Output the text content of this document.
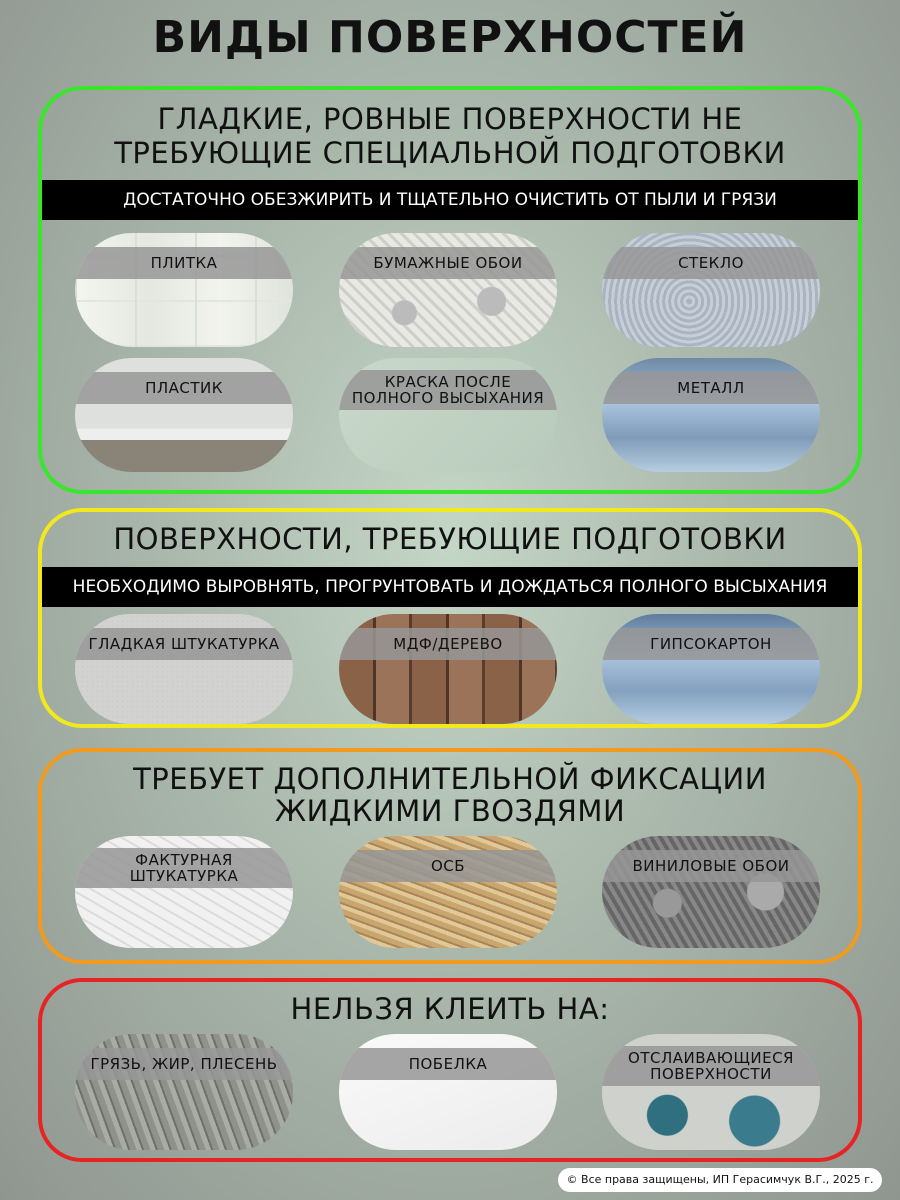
ВИДЫ ПОВЕРХНОСТЕЙ
ГЛАДКИЕ, РОВНЫЕ ПОВЕРХНОСТИ НЕ
ТРЕБУЮЩИЕ СПЕЦИАЛЬНОЙ ПОДГОТОВКИ
ДОСТАТОЧНО ОБЕЗЖИРИТЬ И ТЩАТЕЛЬНО ОЧИСТИТЬ ОТ ПЫЛИ И ГРЯЗИ
ПЛИТКА	БУМАЖНЫЕ ОБОИ	СТЕКЛО
ПЛАСТИК	КРАСКА ПОСЛЕ
ПОЛНОГО ВЫСЫХАНИЯ
МЕТАЛЛ
ПОВЕРХНОСТИ, ТРЕБУЮЩИЕ ПОДГОТОВКИ
НЕОБХОДИМО ВЫРОВНЯТЬ, ПРОГРУНТОВАТЬ И ДОЖДАТЬСЯ ПОЛНОГО ВЫСЫХАНИЯ
ГЛАДКАЯ ШТУКАТУРКА	МДФ/ДЕРЕВО	ГИПСОКАРТОН
ТРЕБУЕТ ДОПОЛНИТЕЛЬНОЙ ФИКСАЦИИ
ЖИДКИМИ ГВОЗДЯМИ
ФАКТУРНАЯ
ШТУКАТУРКА
ОСБ	ВИНИЛОВЫЕ ОБОИ
НЕЛЬЗЯ КЛЕИТЬ НА:
ГРЯЗЬ, ЖИР, ПЛЕСЕНЬ	ПОБЕЛКА	ОТСЛАИВАЮЩИЕСЯ
ПОВЕРХНОСТИ
© Все права защищены, ИП Герасимчук В.Г., 2025 г.
